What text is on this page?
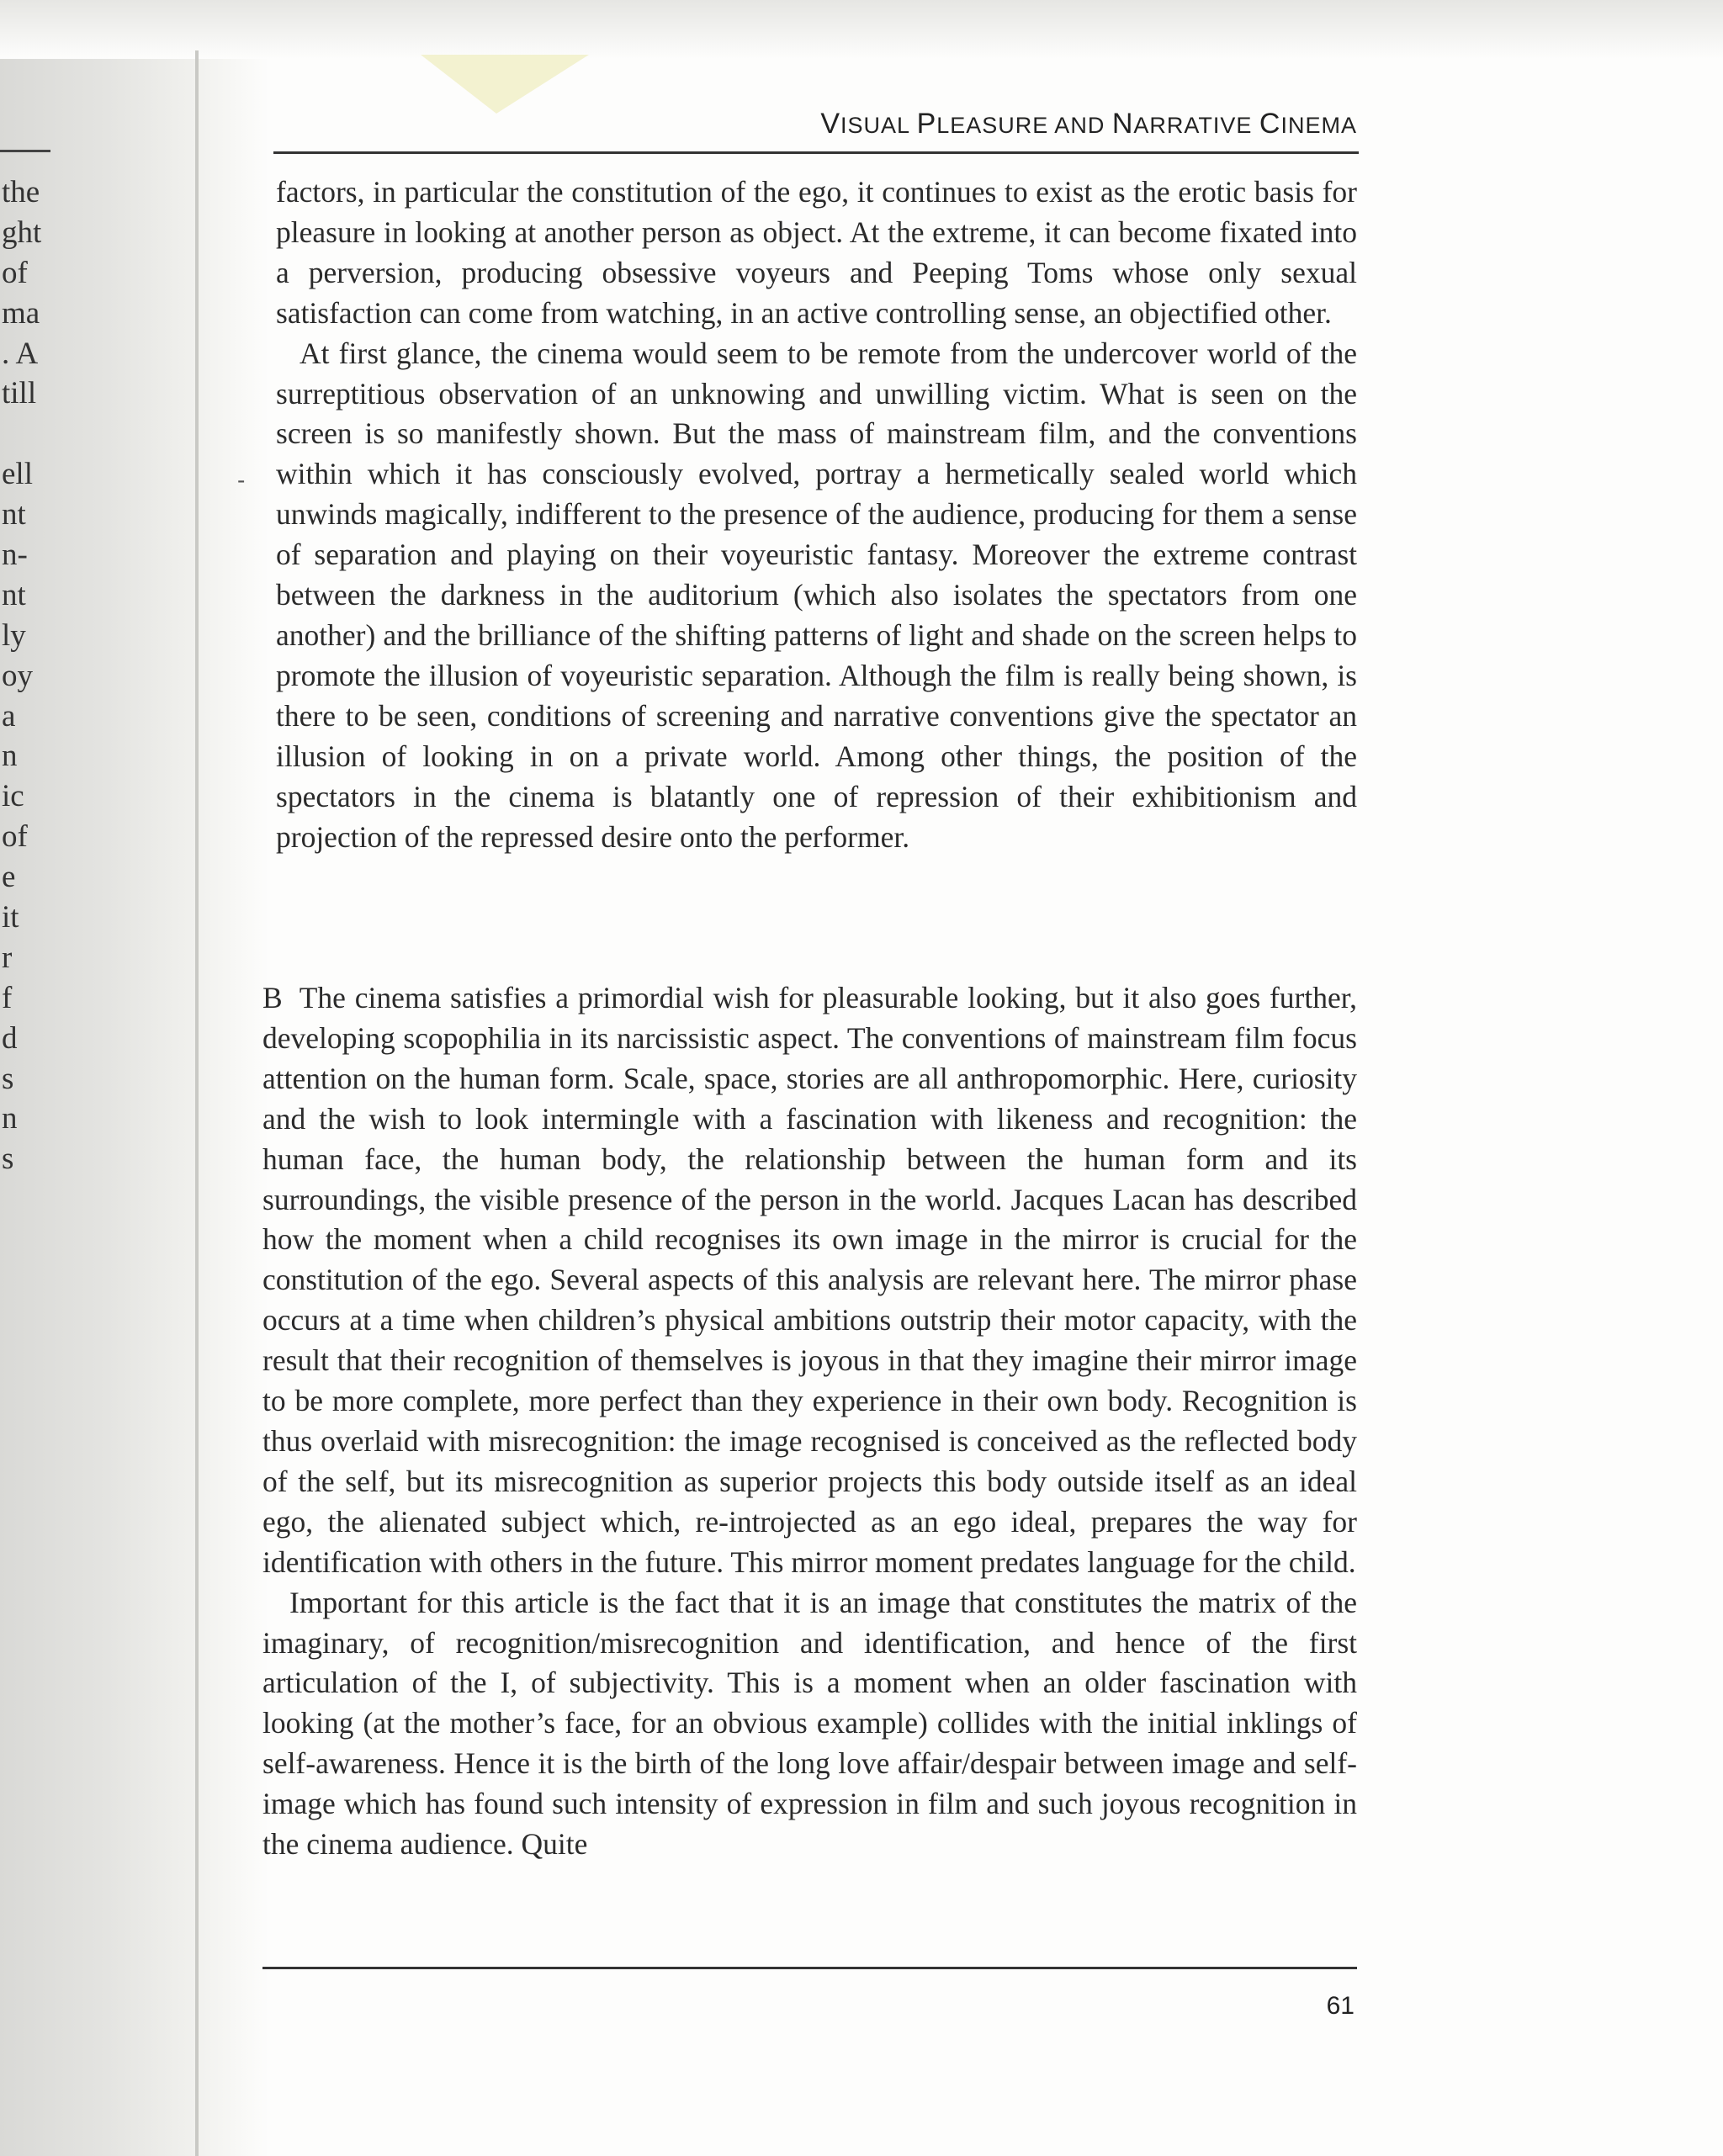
the
ght
of
ma
. A
till
ell
nt
n-
nt
ly
oy
a
n
ic
of
e
it
r
f
d
s
n
s
VISUAL PLEASURE AND NARRATIVE CINEMA
-

factors, in particular the constitution of the ego, it continues to exist as the erotic basis for pleasure in looking at another person as object. At the extreme, it can become fixated into a perversion, producing obsessive voyeurs and Peeping Toms whose only sexual satisfaction can come from watching, in an active controlling sense, an objectified other.

At first glance, the cinema would seem to be remote from the undercover world of the surreptitious observation of an unknowing and unwilling victim. What is seen on the screen is so manifestly shown. But the mass of mainstream film, and the conventions within which it has consciously evolved, portray a hermetically sealed world which unwinds magically, indifferent to the presence of the audience, producing for them a sense of separation and playing on their voyeuristic fantasy. Moreover the extreme contrast between the darkness in the auditorium (which also isolates the spectators from one another) and the brilliance of the shifting patterns of light and shade on the screen helps to promote the illusion of voyeuristic separation. Although the film is really being shown, is there to be seen, conditions of screening and narrative conventions give the spectator an illusion of looking in on a private world. Among other things, the position of the spectators in the cinema is blatantly one of repression of their exhibitionism and projection of the repressed desire onto the performer.

B The cinema satisfies a primordial wish for pleasurable looking, but it also goes further, developing scopophilia in its narcissistic aspect. The conventions of mainstream film focus attention on the human form. Scale, space, stories are all anthropomorphic. Here, curiosity and the wish to look intermingle with a fascination with likeness and recognition: the human face, the human body, the relationship between the human form and its surroundings, the visible presence of the person in the world. Jacques Lacan has described how the moment when a child recognises its own image in the mirror is crucial for the constitution of the ego. Several aspects of this analysis are relevant here. The mirror phase occurs at a time when children’s physical ambitions outstrip their motor capacity, with the result that their recognition of themselves is joyous in that they imagine their mirror image to be more complete, more perfect than they experience in their own body. Recognition is thus overlaid with misrecognition: the image recognised is conceived as the reflected body of the self, but its misrecognition as superior projects this body outside itself as an ideal ego, the alienated subject which, re-introjected as an ego ideal, prepares the way for identification with others in the future. This mirror moment predates language for the child.

Important for this article is the fact that it is an image that constitutes the matrix of the imaginary, of recognition/misrecognition and identification, and hence of the first articulation of the I, of subjectivity. This is a moment when an older fascination with looking (at the mother’s face, for an obvious example) collides with the initial inklings of self-awareness. Hence it is the birth of the long love affair/despair between image and self-image which has found such intensity of expression in film and such joyous recognition in the cinema audience. Quite

61
